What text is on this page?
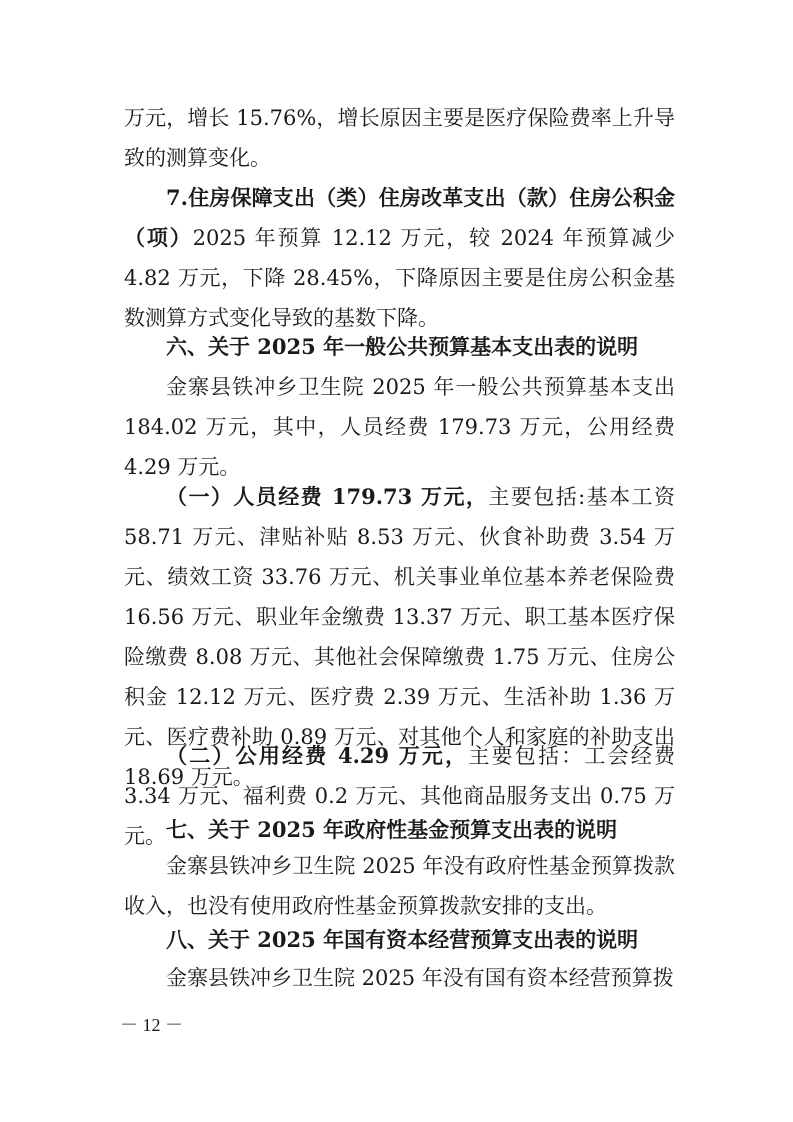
万元，增长 15.76%，增长原因主要是医疗保险费率上升导致的测算变化。

7.住房保障支出（类）住房改革支出（款）住房公积金（项）2025 年预算 12.12 万元，较 2024 年预算减少 4.82 万元，下降 28.45%，下降原因主要是住房公积金基数测算方式变化导致的基数下降。

六、关于 2025 年一般公共预算基本支出表的说明

金寨县铁冲乡卫生院 2025 年一般公共预算基本支出 184.02 万元，其中，人员经费 179.73 万元，公用经费 4.29 万元。

（一）人员经费 179.73 万元，主要包括:基本工资 58.71 万元、津贴补贴 8.53 万元、伙食补助费 3.54 万元、绩效工资 33.76 万元、机关事业单位基本养老保险费 16.56 万元、职业年金缴费 13.37 万元、职工基本医疗保险缴费 8.08 万元、其他社会保障缴费 1.75 万元、住房公积金 12.12 万元、医疗费 2.39 万元、生活补助 1.36 万元、医疗费补助 0.89 万元、对其他个人和家庭的补助支出 18.69 万元。

（二）公用经费 4.29 万元，主要包括：工会经费 3.34 万元、福利费 0.2 万元、其他商品服务支出 0.75 万元。 七、关于 2025 年政府性基金预算支出表的说明

金寨县铁冲乡卫生院 2025 年没有政府性基金预算拨款收入，也没有使用政府性基金预算拨款安排的支出。

八、关于 2025 年国有资本经营预算支出表的说明

金寨县铁冲乡卫生院 2025 年没有国有资本经营预算拨

－ 12 －
